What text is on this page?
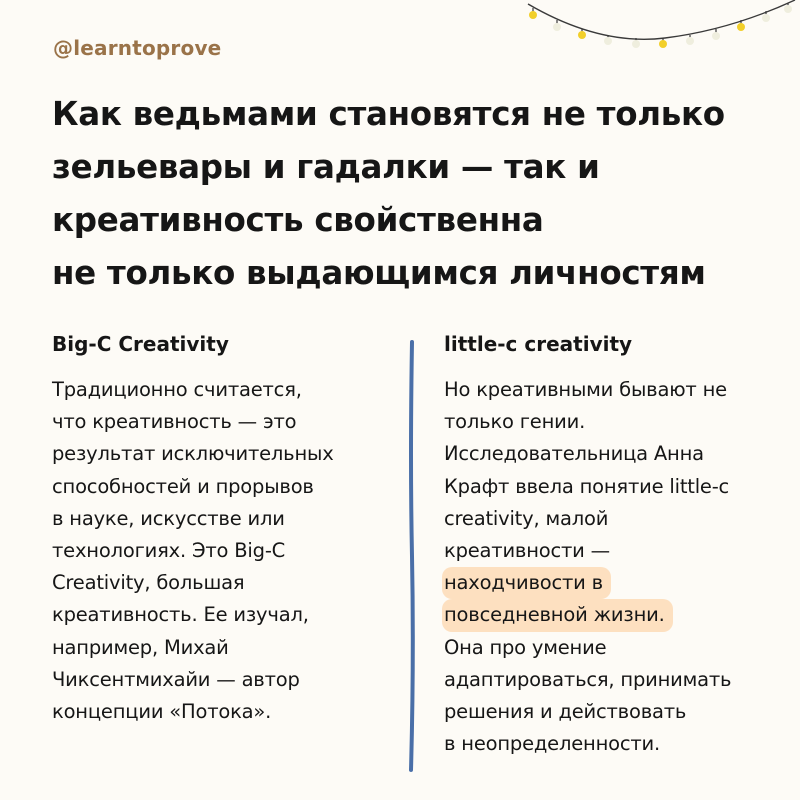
@learntoprove
Как ведьмами становятся не только
зельевары и гадалки — так и
креативность свойственна
не только выдающимся личностям
Big-C Creativity
Традиционно считается,
что креативность — это
результат исключительных
способностей и прорывов
в науке, искусстве или
технологиях. Это Big-C
Creativity, большая
креативность. Ее изучал,
например, Михай
Чиксентмихайи — автор
концепции «Потока».
little-c creativity
Но креативными бывают не
только гении.
Исследовательница Анна
Крафт ввела понятие little-c
creativity, малой
креативности —
находчивости в повседневной жизни.
Она про умение
адаптироваться, принимать
решения и действовать
в неопределенности.
